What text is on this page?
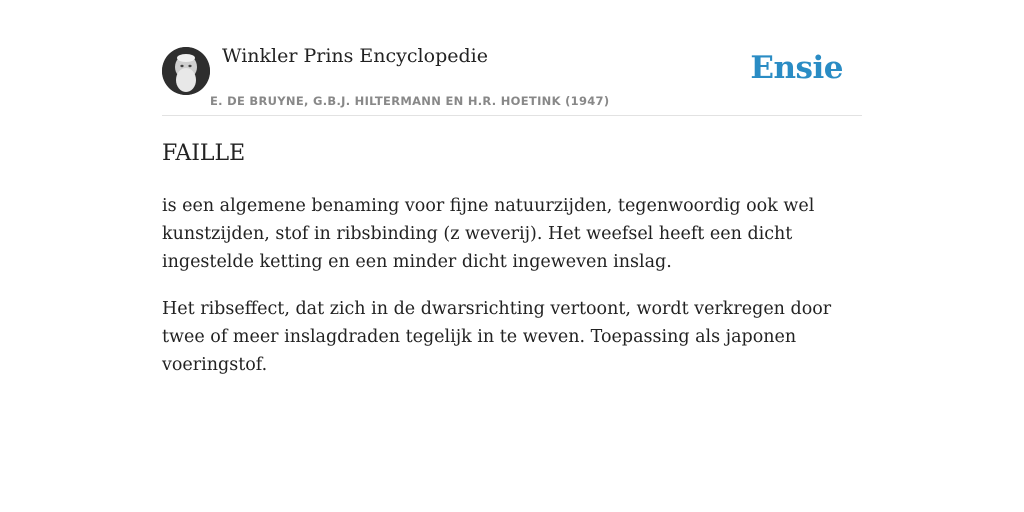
Winkler Prins Encyclopedie
E. DE BRUYNE, G.B.J. HILTERMANN EN H.R. HOETINK (1947)
Ensie
FAILLE

is een algemene benaming voor fijne natuurzijden, tegenwoordig ook wel kunstzijden, stof in ribsbinding (z weverij). Het weefsel heeft een dicht ingestelde ketting en een minder dicht ingeweven inslag.

Het ribseffect, dat zich in de dwarsrichting vertoont, wordt verkregen door twee of meer inslagdraden tegelijk in te weven. Toepassing als japonen voeringstof.
